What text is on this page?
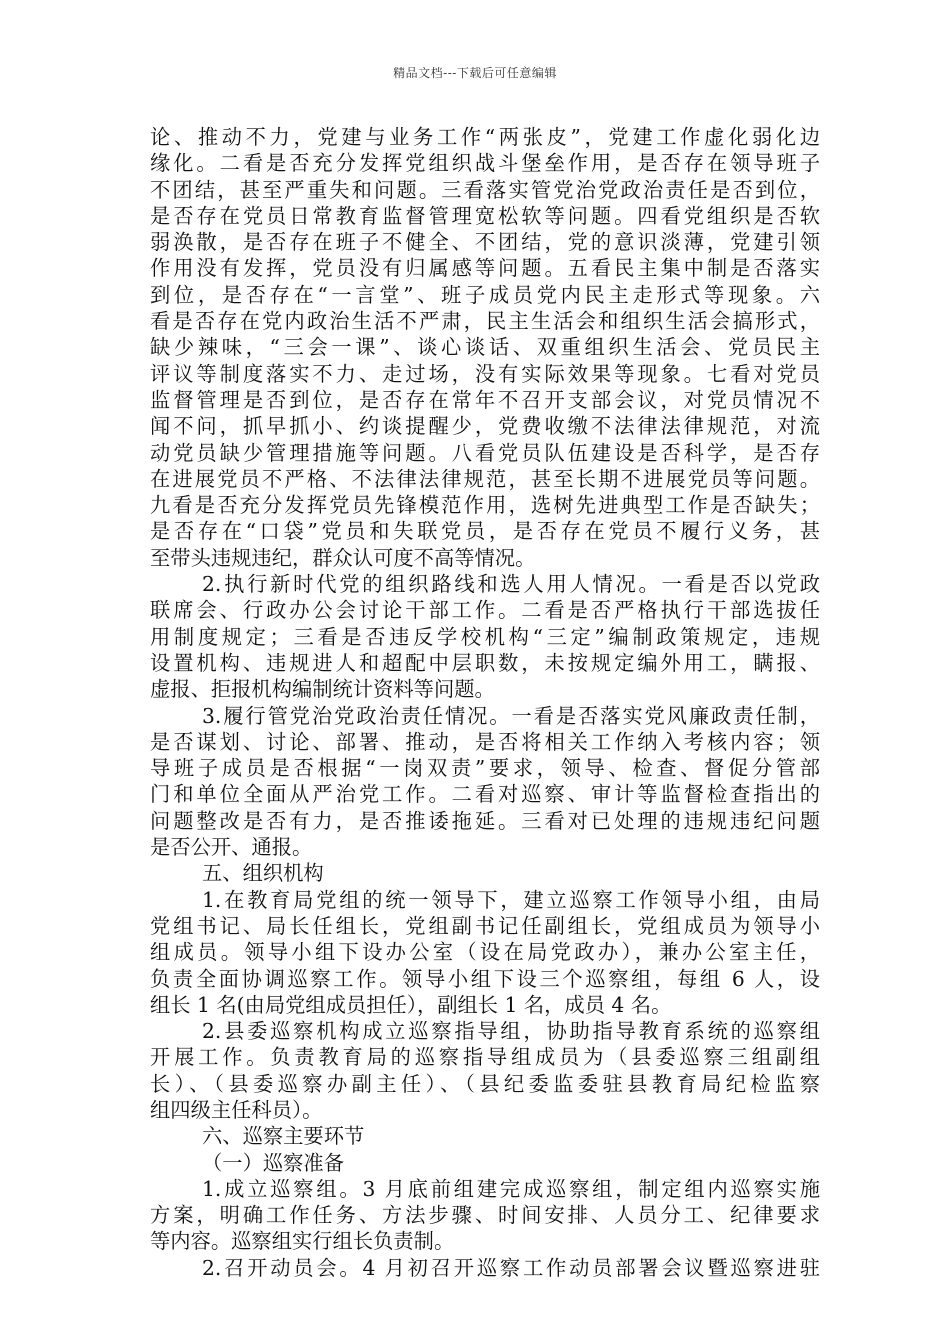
精品文档---下载后可任意编辑
论、推动不力，党建与业务工作“两张皮”，党建工作虚化弱化边
缘化。二看是否充分发挥党组织战斗堡垒作用，是否存在领导班子
不团结，甚至严重失和问题。三看落实管党治党政治责任是否到位，
是否存在党员日常教育监督管理宽松软等问题。四看党组织是否软
弱涣散，是否存在班子不健全、不团结，党的意识淡薄，党建引领
作用没有发挥，党员没有归属感等问题。五看民主集中制是否落实
到位，是否存在“一言堂”、班子成员党内民主走形式等现象。六
看是否存在党内政治生活不严肃，民主生活会和组织生活会搞形式，
缺少辣味，“三会一课”、谈心谈话、双重组织生活会、党员民主
评议等制度落实不力、走过场，没有实际效果等现象。七看对党员
监督管理是否到位，是否存在常年不召开支部会议，对党员情况不
闻不问，抓早抓小、约谈提醒少，党费收缴不法律法律规范，对流
动党员缺少管理措施等问题。八看党员队伍建设是否科学，是否存
在进展党员不严格、不法律法律规范，甚至长期不进展党员等问题。
九看是否充分发挥党员先锋模范作用，选树先进典型工作是否缺失；
是否存在“口袋”党员和失联党员，是否存在党员不履行义务，甚
至带头违规违纪，群众认可度不高等情况。
2.执行新时代党的组织路线和选人用人情况。一看是否以党政
联席会、行政办公会讨论干部工作。二看是否严格执行干部选拔任
用制度规定；三看是否违反学校机构“三定”编制政策规定，违规
设置机构、违规进人和超配中层职数，未按规定编外用工，瞒报、
虚报、拒报机构编制统计资料等问题。
3.履行管党治党政治责任情况。一看是否落实党风廉政责任制，
是否谋划、讨论、部署、推动，是否将相关工作纳入考核内容；领
导班子成员是否根据“一岗双责”要求，领导、检查、督促分管部
门和单位全面从严治党工作。二看对巡察、审计等监督检查指出的
问题整改是否有力，是否推诿拖延。三看对已处理的违规违纪问题
是否公开、通报。
五、组织机构
1.在教育局党组的统一领导下，建立巡察工作领导小组，由局
党组书记、局长任组长，党组副书记任副组长，党组成员为领导小
组成员。领导小组下设办公室（设在局党政办），兼办公室主任，
负责全面协调巡察工作。领导小组下设三个巡察组，每组 6 人，设
组长 1 名(由局党组成员担任），副组长 1 名，成员 4 名。
2.县委巡察机构成立巡察指导组，协助指导教育系统的巡察组
开展工作。负责教育局的巡察指导组成员为（县委巡察三组副组
长）、（县委巡察办副主任）、（县纪委监委驻县教育局纪检监察
组四级主任科员）。
六、巡察主要环节
（一）巡察准备
1.成立巡察组。3 月底前组建完成巡察组，制定组内巡察实施
方案，明确工作任务、方法步骤、时间安排、人员分工、纪律要求
等内容。巡察组实行组长负责制。
2.召开动员会。4 月初召开巡察工作动员部署会议暨巡察进驻
